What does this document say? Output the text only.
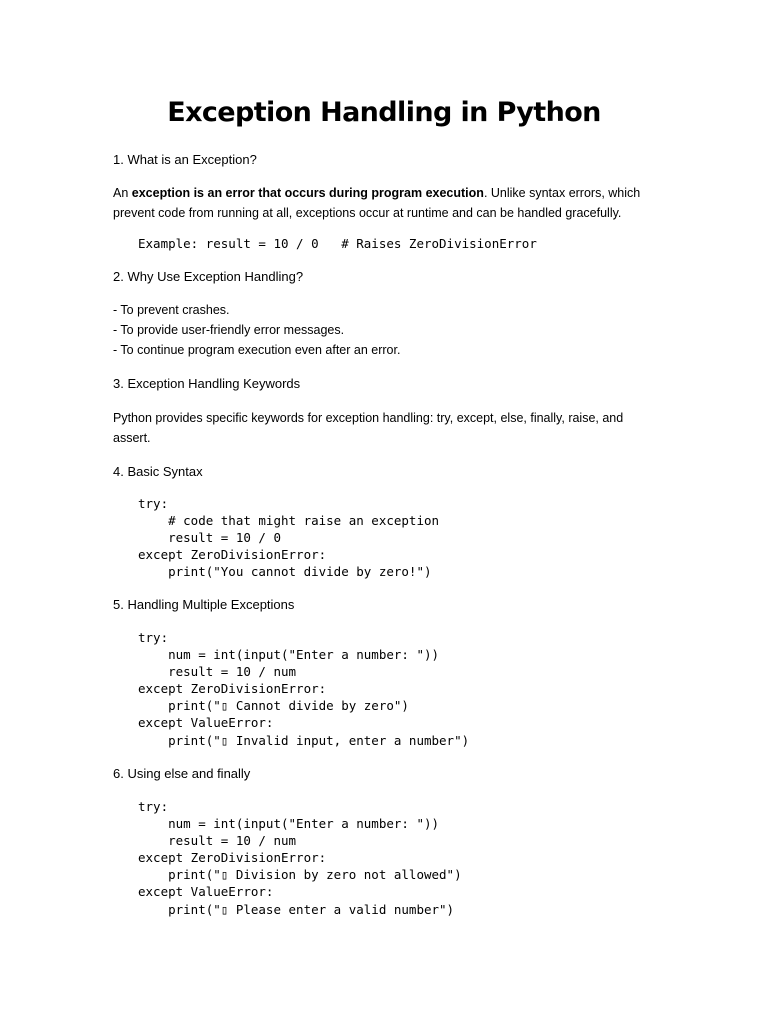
Exception Handling in Python
1. What is an Exception?

An exception is an error that occurs during program execution. Unlike syntax errors, which prevent code from running at all, exceptions occur at runtime and can be handled gracefully.

Example: result = 10 / 0   # Raises ZeroDivisionError
2. Why Use Exception Handling?
- To prevent crashes.
- To provide user-friendly error messages.
- To continue program execution even after an error.
3. Exception Handling Keywords

Python provides specific keywords for exception handling: try, except, else, finally, raise, and assert.

4. Basic Syntax
try:
# code that might raise an exception
result = 10 / 0
except ZeroDivisionError:
print("You cannot divide by zero!")
5. Handling Multiple Exceptions
try:
num = int(input("Enter a number: "))
result = 10 / num
except ZeroDivisionError:
print("▯ Cannot divide by zero")
except ValueError:
print("▯ Invalid input, enter a number")
6. Using else and finally
try:
num = int(input("Enter a number: "))
result = 10 / num
except ZeroDivisionError:
print("▯ Division by zero not allowed")
except ValueError:
print("▯ Please enter a valid number")
